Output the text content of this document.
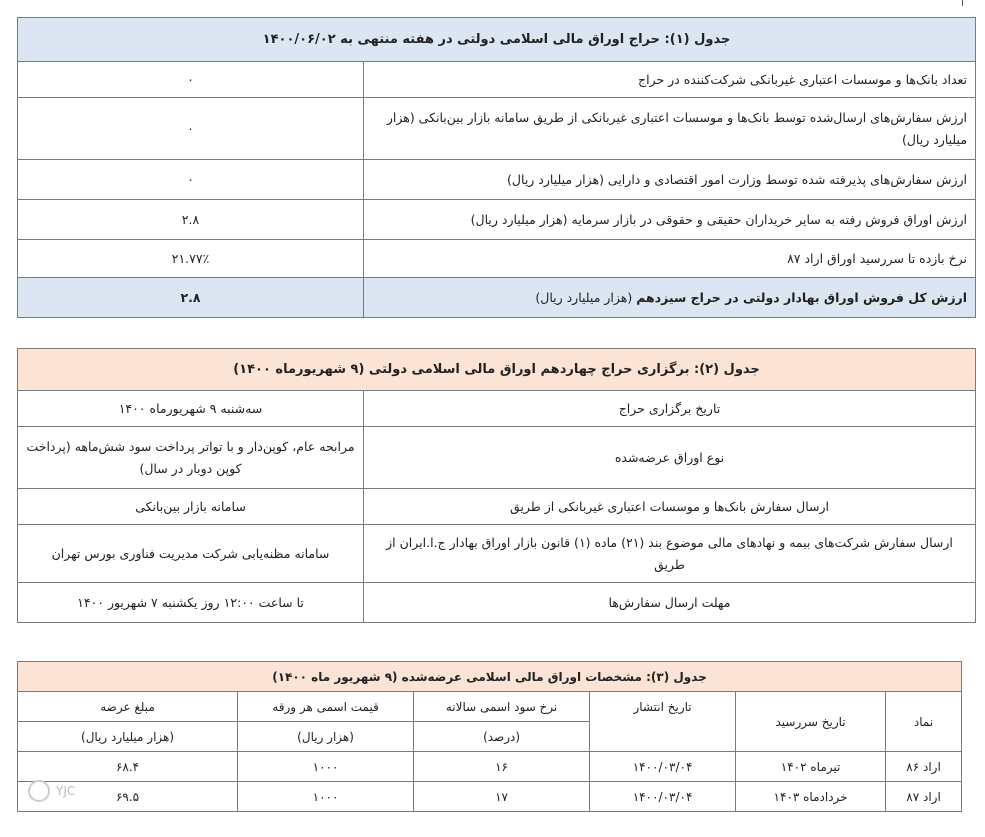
جدول (۱): حراج اوراق مالی اسلامی دولتی در هفته منتهی به ۱۴۰۰/۰۶/۰۲	
تعداد بانک‌ها و موسسات اعتباری غیربانکی شرکت‌کننده در حراج	۰
ارزش سفارش‌های ارسال‌شده توسط بانک‌ها و موسسات اعتباری غیربانکی از طریق سامانه بازار بین‌بانکی (هزار میلیارد ریال)	۰
ارزش سفارش‌های پذیرفته شده توسط وزارت امور اقتصادی و دارایی (هزار میلیارد ریال)	۰
ارزش اوراق فروش رفته به سایر خریداران حقیقی و حقوقی در بازار سرمایه (هزار میلیارد ریال)	۲.۸
نرخ بازده تا سررسید اوراق اراد ۸۷	۲۱.۷۷٪
ارزش کل فروش اوراق بهادار دولتی در حراج سیزدهم (هزار میلیارد ریال)	۲.۸
جدول (۲): برگزاری حراج چهاردهم اوراق مالی اسلامی دولتی (۹ شهریورماه ۱۴۰۰)	
تاریخ برگزاری حراج	سه‌شنبه ۹ شهریورماه ۱۴۰۰
نوع اوراق عرضه‌شده	مرابحه عام، کوپن‌دار و با تواتر پرداخت سود شش‌ماهه (پرداخت کوپن دوبار در سال)
ارسال سفارش بانک‌ها و موسسات اعتباری غیربانکی از طریق	سامانه بازار بین‌بانکی
ارسال سفارش شرکت‌های بیمه و نهادهای مالی موضوع بند (۲۱) ماده (۱) قانون بازار اوراق بهادار ج.ا.ایران از طریق	سامانه مظنه‌یابی شرکت مدیریت فناوری بورس تهران
مهلت ارسال سفارش‌ها	تا ساعت ۱۲:۰۰ روز یکشنبه ۷ شهریور ۱۴۰۰
جدول (۳): مشخصات اوراق مالی اسلامی عرضه‌شده (۹ شهریور ماه ۱۴۰۰)					
نماد	تاریخ سررسید	تاریخ انتشار	نرخ سود اسمی سالانه	قیمت اسمی هر ورقه	مبلغ عرضه
			(درصد)	(هزار ریال)	(هزار میلیارد ریال)
اراد ۸۶	تیرماه ۱۴۰۲	۱۴۰۰/۰۳/۰۴	۱۶	۱۰۰۰	۶۸.۴
اراد ۸۷	خردادماه ۱۴۰۳	۱۴۰۰/۰۳/۰۴	۱۷	۱۰۰۰	۶۹.۵
YJC
